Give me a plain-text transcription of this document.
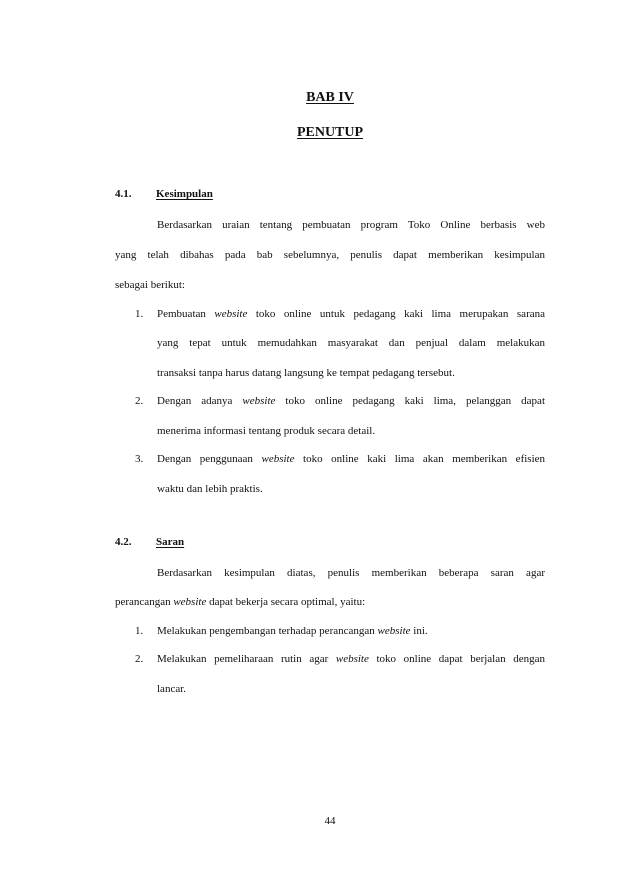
BAB IV
PENUTUP
4.1. Kesimpulan
Berdasarkan uraian tentang pembuatan program Toko Online berbasis web
yang telah dibahas pada bab sebelumnya, penulis dapat memberikan kesimpulan
sebagai berikut:
1. Pembuatan website toko online untuk pedagang kaki lima merupakan sarana
yang tepat untuk memudahkan masyarakat dan penjual dalam melakukan
transaksi tanpa harus datang langsung ke tempat pedagang tersebut.
2. Dengan adanya website toko online pedagang kaki lima, pelanggan dapat
menerima informasi tentang produk secara detail.
3. Dengan penggunaan website toko online kaki lima akan memberikan efisien
waktu dan lebih praktis.
4.2. Saran
Berdasarkan kesimpulan diatas, penulis memberikan beberapa saran agar
perancangan website dapat bekerja secara optimal, yaitu:
1. Melakukan pengembangan terhadap perancangan website ini.
2. Melakukan pemeliharaan rutin agar website toko online dapat berjalan dengan
lancar.
44
